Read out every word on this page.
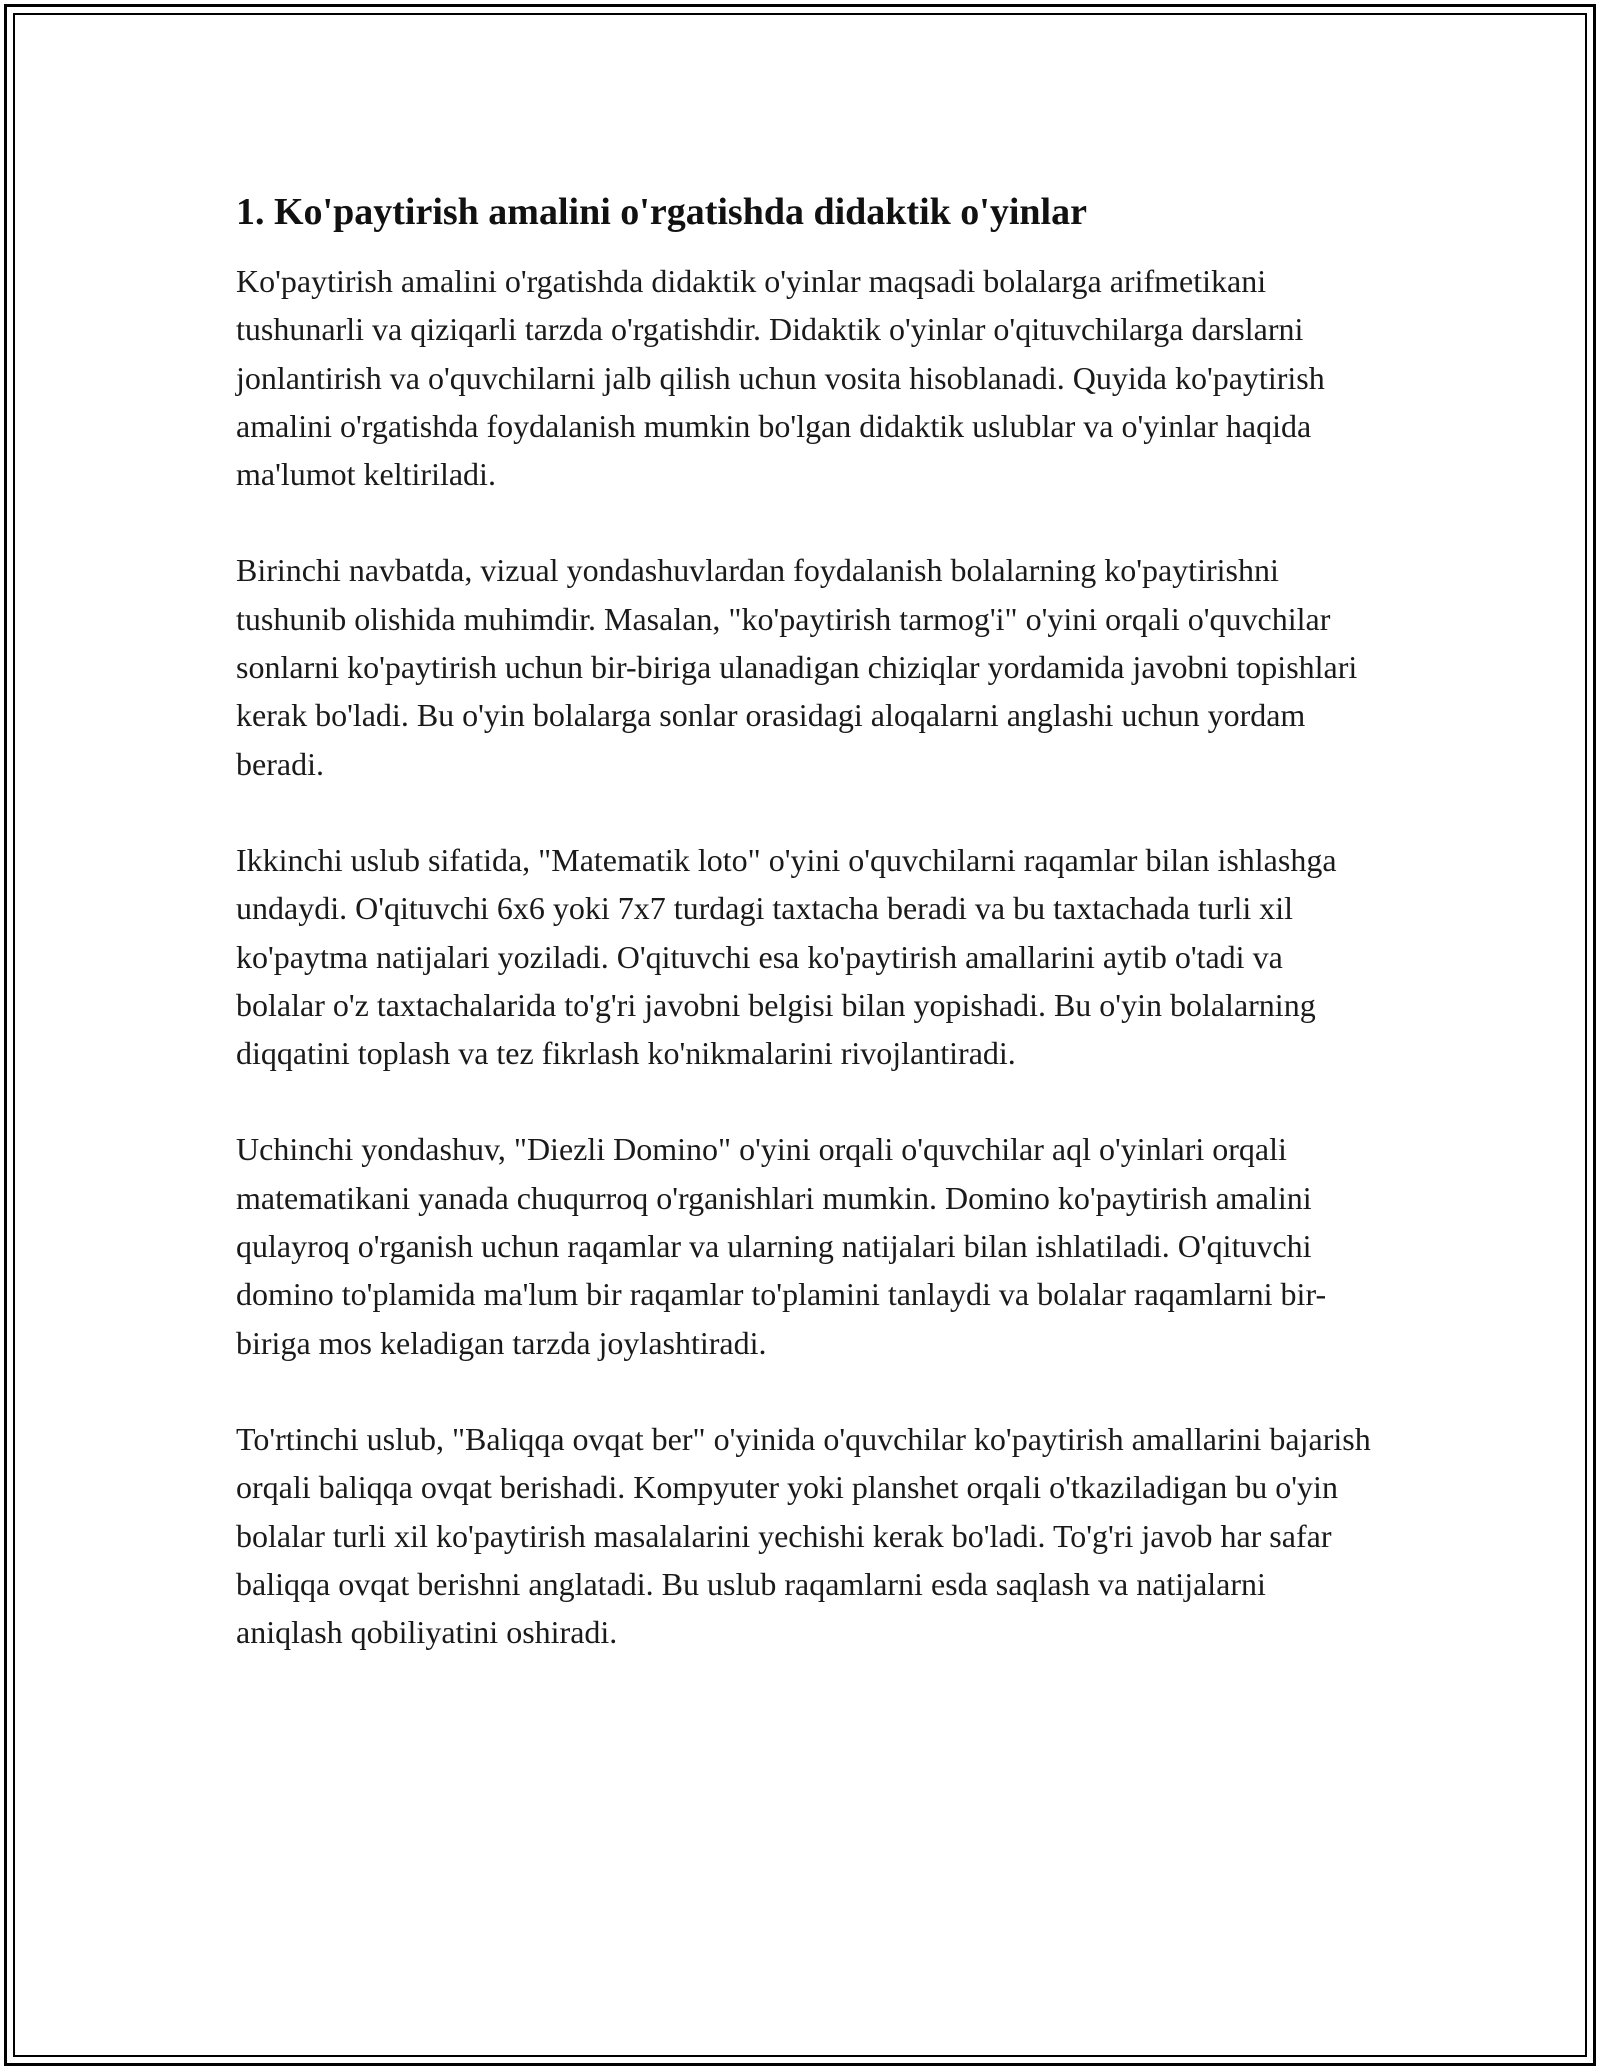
1. Ko'paytirish amalini o'rgatishda didaktik o'yinlar

Ko'paytirish amalini o'rgatishda didaktik o'yinlar maqsadi bolalarga arifmetikani tushunarli va qiziqarli tarzda o'rgatishdir. Didaktik o'yinlar o'qituvchilarga darslarni jonlantirish va o'quvchilarni jalb qilish uchun vosita hisoblanadi. Quyida ko'paytirish amalini o'rgatishda foydalanish mumkin bo'lgan didaktik uslublar va o'yinlar haqida ma'lumot keltiriladi.

Birinchi navbatda, vizual yondashuvlardan foydalanish bolalarning ko'paytirishni tushunib olishida muhimdir. Masalan, "ko'paytirish tarmog'i" o'yini orqali o'quvchilar sonlarni ko'paytirish uchun bir-biriga ulanadigan chiziqlar yordamida javobni topishlari kerak bo'ladi. Bu o'yin bolalarga sonlar orasidagi aloqalarni anglashi uchun yordam beradi.

Ikkinchi uslub sifatida, "Matematik loto" o'yini o'quvchilarni raqamlar bilan ishlashga undaydi. O'qituvchi 6x6 yoki 7x7 turdagi taxtacha beradi va bu taxtachada turli xil ko'paytma natijalari yoziladi. O'qituvchi esa ko'paytirish amallarini aytib o'tadi va bolalar o'z taxtachalarida to'g'ri javobni belgisi bilan yopishadi. Bu o'yin bolalarning diqqatini toplash va tez fikrlash ko'nikmalarini rivojlantiradi.

Uchinchi yondashuv, "Diezli Domino" o'yini orqali o'quvchilar aql o'yinlari orqali matematikani yanada chuqurroq o'rganishlari mumkin. Domino ko'paytirish amalini qulayroq o'rganish uchun raqamlar va ularning natijalari bilan ishlatiladi. O'qituvchi domino to'plamida ma'lum bir raqamlar to'plamini tanlaydi va bolalar raqamlarni bir-biriga mos keladigan tarzda joylashtiradi.

To'rtinchi uslub, "Baliqqa ovqat ber" o'yinida o'quvchilar ko'paytirish amallarini bajarish orqali baliqqa ovqat berishadi. Kompyuter yoki planshet orqali o'tkaziladigan bu o'yin bolalar turli xil ko'paytirish masalalarini yechishi kerak bo'ladi. To'g'ri javob har safar baliqqa ovqat berishni anglatadi. Bu uslub raqamlarni esda saqlash va natijalarni aniqlash qobiliyatini oshiradi.
